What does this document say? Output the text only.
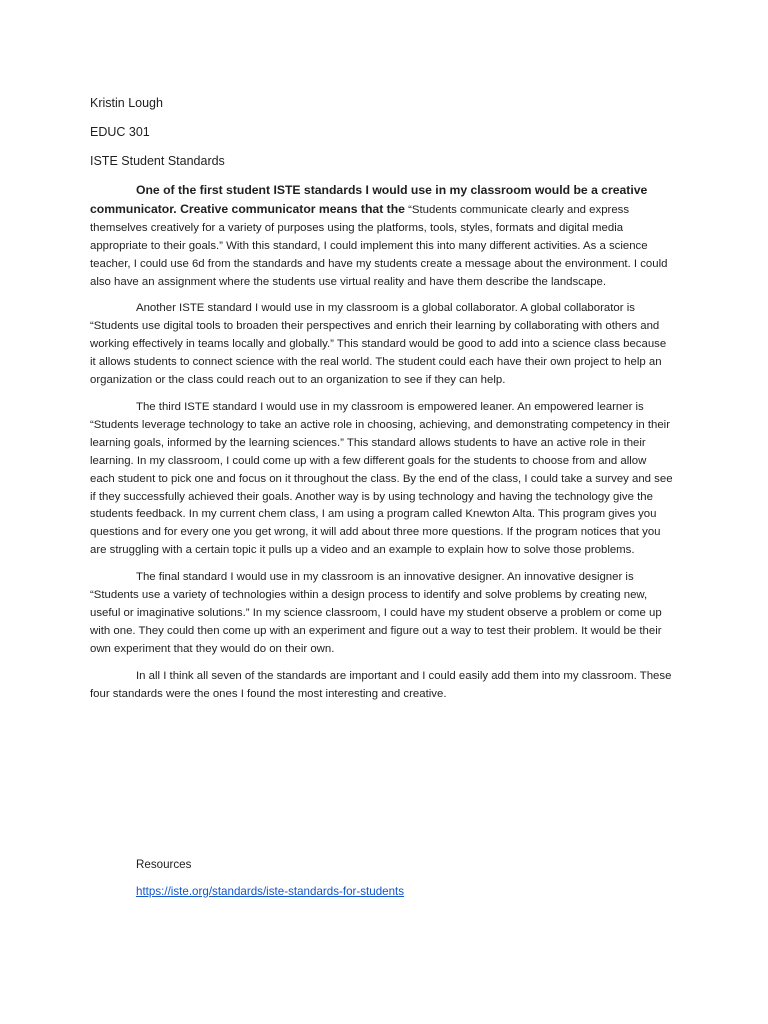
Kristin Lough
EDUC 301
ISTE Student Standards

One of the first student ISTE standards I would use in my classroom would be a creative communicator. Creative communicator means that the “Students communicate clearly and express themselves creatively for a variety of purposes using the platforms, tools, styles, formats and digital media appropriate to their goals.” With this standard, I could implement this into many different activities. As a science teacher, I could use 6d from the standards and have my students create a message about the environment. I could also have an assignment where the students use virtual reality and have them describe the landscape.

Another ISTE standard I would use in my classroom is a global collaborator. A global collaborator is “Students use digital tools to broaden their perspectives and enrich their learning by collaborating with others and working effectively in teams locally and globally.” This standard would be good to add into a science class because it allows students to connect science with the real world. The student could each have their own project to help an organization or the class could reach out to an organization to see if they can help.

The third ISTE standard I would use in my classroom is empowered leaner. An empowered learner is “Students leverage technology to take an active role in choosing, achieving, and demonstrating competency in their learning goals, informed by the learning sciences.” This standard allows students to have an active role in their learning. In my classroom, I could come up with a few different goals for the students to choose from and allow each student to pick one and focus on it throughout the class. By the end of the class, I could take a survey and see if they successfully achieved their goals. Another way is by using technology and having the technology give the students feedback. In my current chem class, I am using a program called Knewton Alta. This program gives you questions and for every one you get wrong, it will add about three more questions. If the program notices that you are struggling with a certain topic it pulls up a video and an example to explain how to solve those problems.

The final standard I would use in my classroom is an innovative designer. An innovative designer is “Students use a variety of technologies within a design process to identify and solve problems by creating new, useful or imaginative solutions.” In my science classroom, I could have my student observe a problem or come up with one. They could then come up with an experiment and figure out a way to test their problem. It would be their own experiment that they would do on their own.

In all I think all seven of the standards are important and I could easily add them into my classroom. These four standards were the ones I found the most interesting and creative.

Resources
https://iste.org/standards/iste-standards-for-students
